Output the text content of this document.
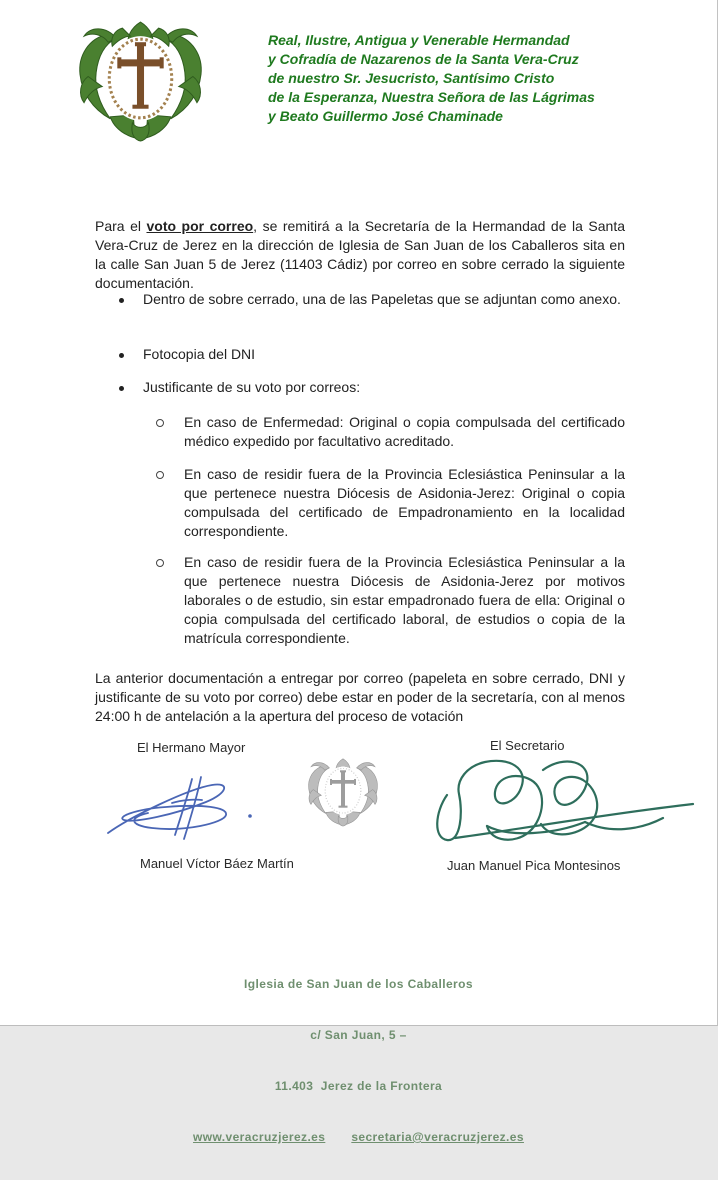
Real, Ilustre, Antigua y Venerable Hermandad
y Cofradía de Nazarenos de la Santa Vera-Cruz
de nuestro Sr. Jesucristo, Santísimo Cristo
de la Esperanza, Nuestra Señora de las Lágrimas
y Beato Guillermo José Chaminade

Para el voto por correo, se remitirá a la Secretaría de la Hermandad de la Santa Vera-Cruz de Jerez en la dirección de Iglesia de San Juan de los Caballeros sita en la calle San Juan 5 de Jerez (11403 Cádiz) por correo en sobre cerrado la siguiente documentación.

Dentro de sobre cerrado, una de las Papeletas que se adjuntan como anexo.
Fotocopia del DNI
Justificante de su voto por correos:
En caso de Enfermedad: Original o copia compulsada del certificado médico expedido por facultativo acreditado.
En caso de residir fuera de la Provincia Eclesiástica Peninsular a la que pertenece nuestra Diócesis de Asidonia-Jerez: Original o copia compulsada del certificado de Empadronamiento en la localidad correspondiente.
En caso de residir fuera de la Provincia Eclesiástica Peninsular a la que pertenece nuestra Diócesis de Asidonia-Jerez por motivos laborales o de estudio, sin estar empadronado fuera de ella: Original o copia compulsada del certificado laboral, de estudios o copia de la matrícula correspondiente.

La anterior documentación a entregar por correo (papeleta en sobre cerrado, DNI y justificante de su voto por correo) debe estar en poder de la secretaría, con al menos 24:00 h de antelación a la apertura del proceso de votación

El Hermano Mayor
Manuel Víctor Báez Martín
El Secretario
Juan Manuel Pica Montesinos

Iglesia de San Juan de los Caballeros

c/ San Juan, 5 –

11.403  Jerez de la Frontera

www.veracruzjerez.es secretaria@veracruzjerez.es
